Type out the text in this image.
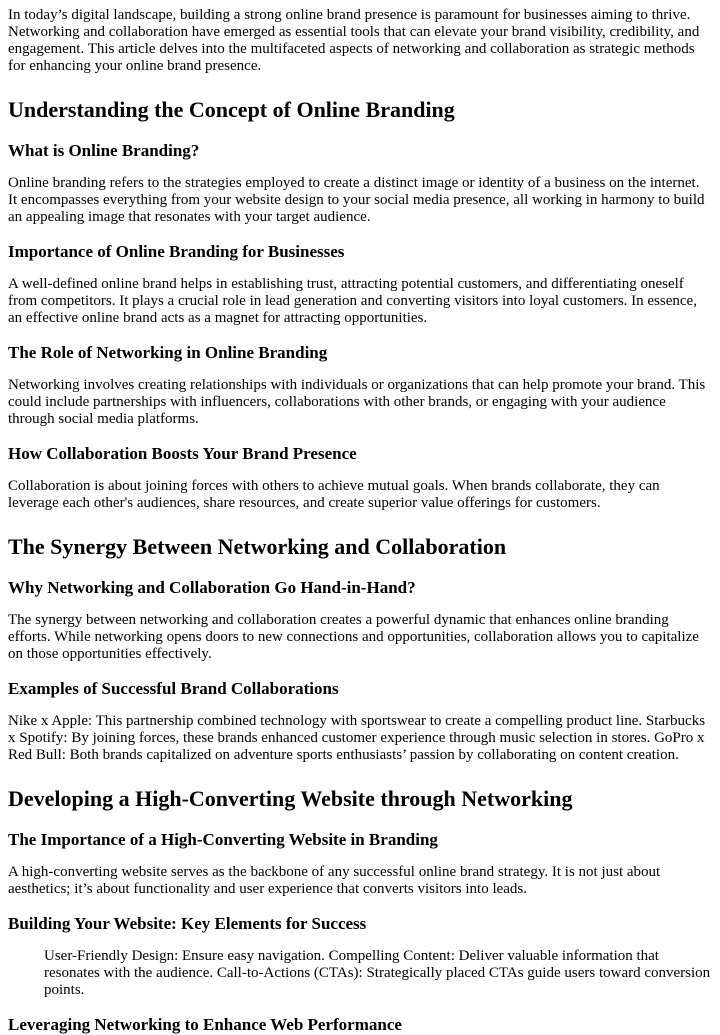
In today’s digital landscape, building a strong online brand presence is paramount for businesses aiming to thrive. Networking and collaboration have emerged as essential tools that can elevate your brand visibility, credibility, and engagement. This article delves into the multifaceted aspects of networking and collaboration as strategic methods for enhancing your online brand presence.

Understanding the Concept of Online Branding
What is Online Branding?

Online branding refers to the strategies employed to create a distinct image or identity of a business on the internet. It encompasses everything from your website design to your social media presence, all working in harmony to build an appealing image that resonates with your target audience.

Importance of Online Branding for Businesses

A well-defined online brand helps in establishing trust, attracting potential customers, and differentiating oneself from competitors. It plays a crucial role in lead generation and converting visitors into loyal customers. In essence, an effective online brand acts as a magnet for attracting opportunities.

The Role of Networking in Online Branding

Networking involves creating relationships with individuals or organizations that can help promote your brand. This could include partnerships with influencers, collaborations with other brands, or engaging with your audience through social media platforms.

How Collaboration Boosts Your Brand Presence

Collaboration is about joining forces with others to achieve mutual goals. When brands collaborate, they can leverage each other's audiences, share resources, and create superior value offerings for customers.

The Synergy Between Networking and Collaboration
Why Networking and Collaboration Go Hand-in-Hand?

The synergy between networking and collaboration creates a powerful dynamic that enhances online branding efforts. While networking opens doors to new connections and opportunities, collaboration allows you to capitalize on those opportunities effectively.

Examples of Successful Brand Collaborations

Nike x Apple: This partnership combined technology with sportswear to create a compelling product line. Starbucks x Spotify: By joining forces, these brands enhanced customer experience through music selection in stores. GoPro x Red Bull: Both brands capitalized on adventure sports enthusiasts’ passion by collaborating on content creation.

Developing a High-Converting Website through Networking
The Importance of a High-Converting Website in Branding

A high-converting website serves as the backbone of any successful online brand strategy. It is not just about aesthetics; it’s about functionality and user experience that converts visitors into leads.

Building Your Website: Key Elements for Success
User-Friendly Design: Ensure easy navigation. Compelling Content: Deliver valuable information that resonates with the audience. Call-to-Actions (CTAs): Strategically placed CTAs guide users toward conversion points.
Leveraging Networking to Enhance Web Performance
